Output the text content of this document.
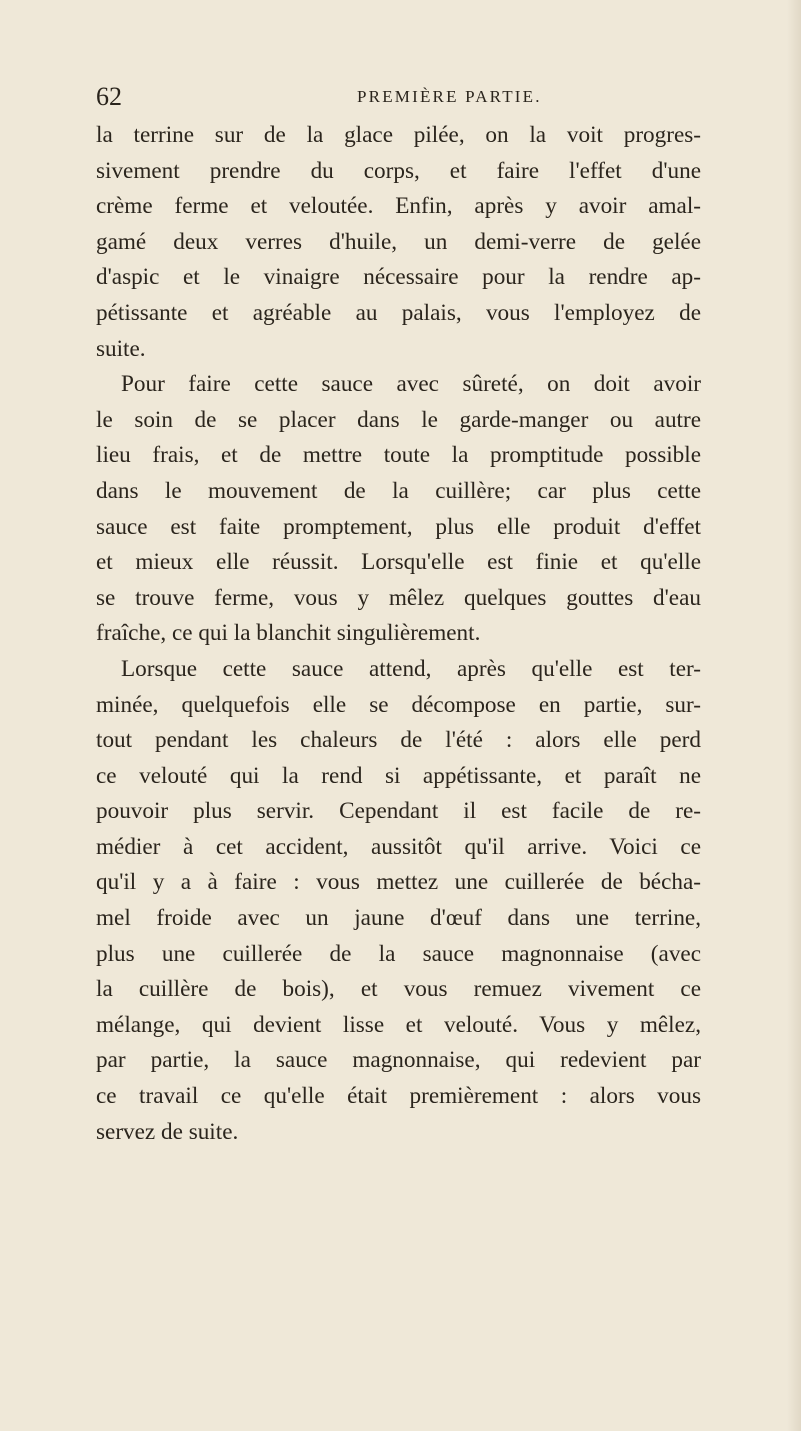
62	PREMIÈRE PARTIE.
la terrine sur de la glace pilée, on la voit progres-
sivement prendre du corps, et faire l'effet d'une
crème ferme et veloutée. Enfin, après y avoir amal-
gamé deux verres d'huile, un demi-verre de gelée
d'aspic et le vinaigre nécessaire pour la rendre ap-
pétissante et agréable au palais, vous l'employez de
suite.
Pour faire cette sauce avec sûreté, on doit avoir
le soin de se placer dans le garde-manger ou autre
lieu frais, et de mettre toute la promptitude possible
dans le mouvement de la cuillère; car plus cette
sauce est faite promptement, plus elle produit d'effet
et mieux elle réussit. Lorsqu'elle est finie et qu'elle
se trouve ferme, vous y mêlez quelques gouttes d'eau
fraîche, ce qui la blanchit singulièrement.
Lorsque cette sauce attend, après qu'elle est ter-
minée, quelquefois elle se décompose en partie, sur-
tout pendant les chaleurs de l'été : alors elle perd
ce velouté qui la rend si appétissante, et paraît ne
pouvoir plus servir. Cependant il est facile de re-
médier à cet accident, aussitôt qu'il arrive. Voici ce
qu'il y a à faire : vous mettez une cuillerée de bécha-
mel froide avec un jaune d'œuf dans une terrine,
plus une cuillerée de la sauce magnonnaise (avec
la cuillère de bois), et vous remuez vivement ce
mélange, qui devient lisse et velouté. Vous y mêlez,
par partie, la sauce magnonnaise, qui redevient par
ce travail ce qu'elle était premièrement : alors vous
servez de suite.
